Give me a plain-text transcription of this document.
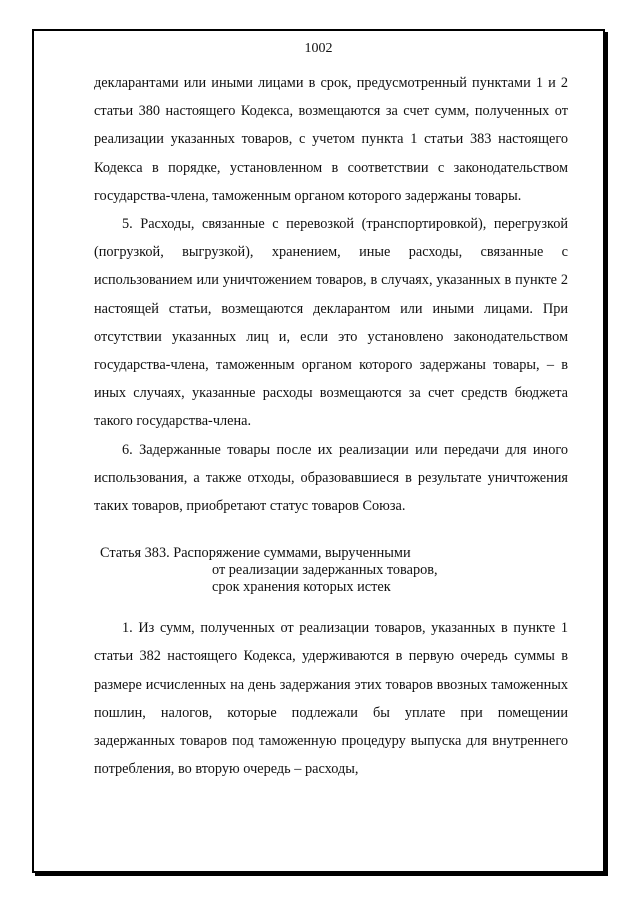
1002

декларантами или иными лицами в срок, предусмотренный пунктами 1 и 2 статьи 380 настоящего Кодекса, возмещаются за счет сумм, полученных от реализации указанных товаров, с учетом пункта 1 статьи 383 настоящего Кодекса в порядке, установленном в соответствии с законодательством государства-члена, таможенным органом которого задержаны товары.

5. Расходы, связанные с перевозкой (транспортировкой), перегрузкой (погрузкой, выгрузкой), хранением, иные расходы, связанные с использованием или уничтожением товаров, в случаях, указанных в пункте 2 настоящей статьи, возмещаются декларантом или иными лицами. При отсутствии указанных лиц и, если это установлено законодательством государства-члена, таможенным органом которого задержаны товары, – в иных случаях, указанные расходы возмещаются за счет средств бюджета такого государства-члена.

6. Задержанные товары после их реализации или передачи для иного использования, а также отходы, образовавшиеся в результате уничтожения таких товаров, приобретают статус товаров Союза.

Статья 383. Распоряжение суммами, вырученными
от реализации задержанных товаров,
срок хранения которых истек

1. Из сумм, полученных от реализации товаров, указанных в пункте 1 статьи 382 настоящего Кодекса, удерживаются в первую очередь суммы в размере исчисленных на день задержания этих товаров ввозных таможенных пошлин, налогов, которые подлежали бы уплате при помещении задержанных товаров под таможенную процедуру выпуска для внутреннего потребления, во вторую очередь – расходы,
